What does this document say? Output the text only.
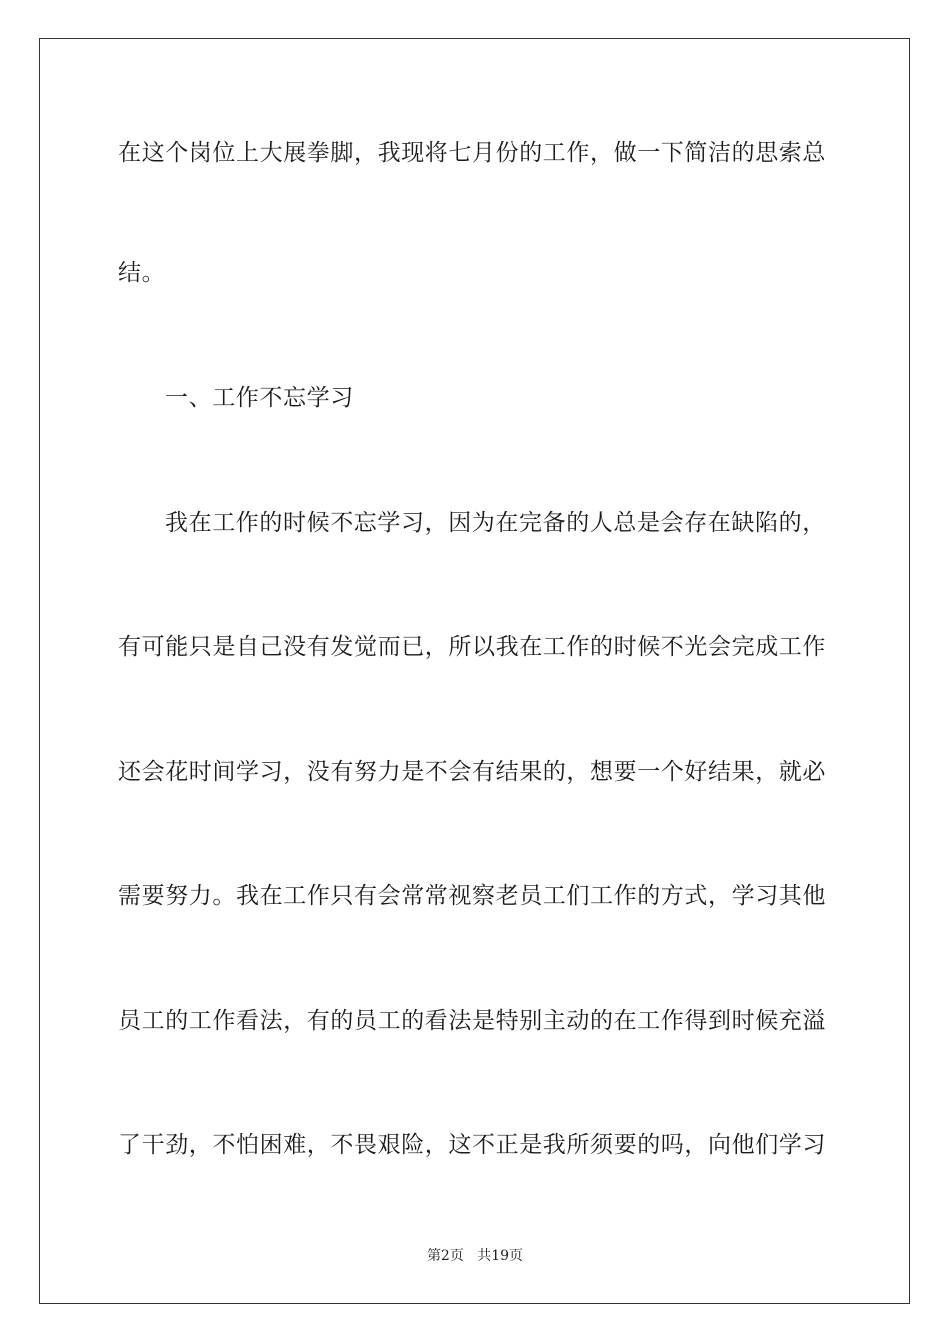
在这个岗位上大展拳脚，我现将七月份的工作，做一下简洁的思索总
结。
一、工作不忘学习
我在工作的时候不忘学习，因为在完备的人总是会存在缺陷的，
有可能只是自己没有发觉而已，所以我在工作的时候不光会完成工作
还会花时间学习，没有努力是不会有结果的，想要一个好结果，就必
需要努力。我在工作只有会常常视察老员工们工作的方式，学习其他
员工的工作看法，有的员工的看法是特别主动的在工作得到时候充溢
了干劲，不怕困难，不畏艰险，这不正是我所须要的吗，向他们学习
第2页 共19页
